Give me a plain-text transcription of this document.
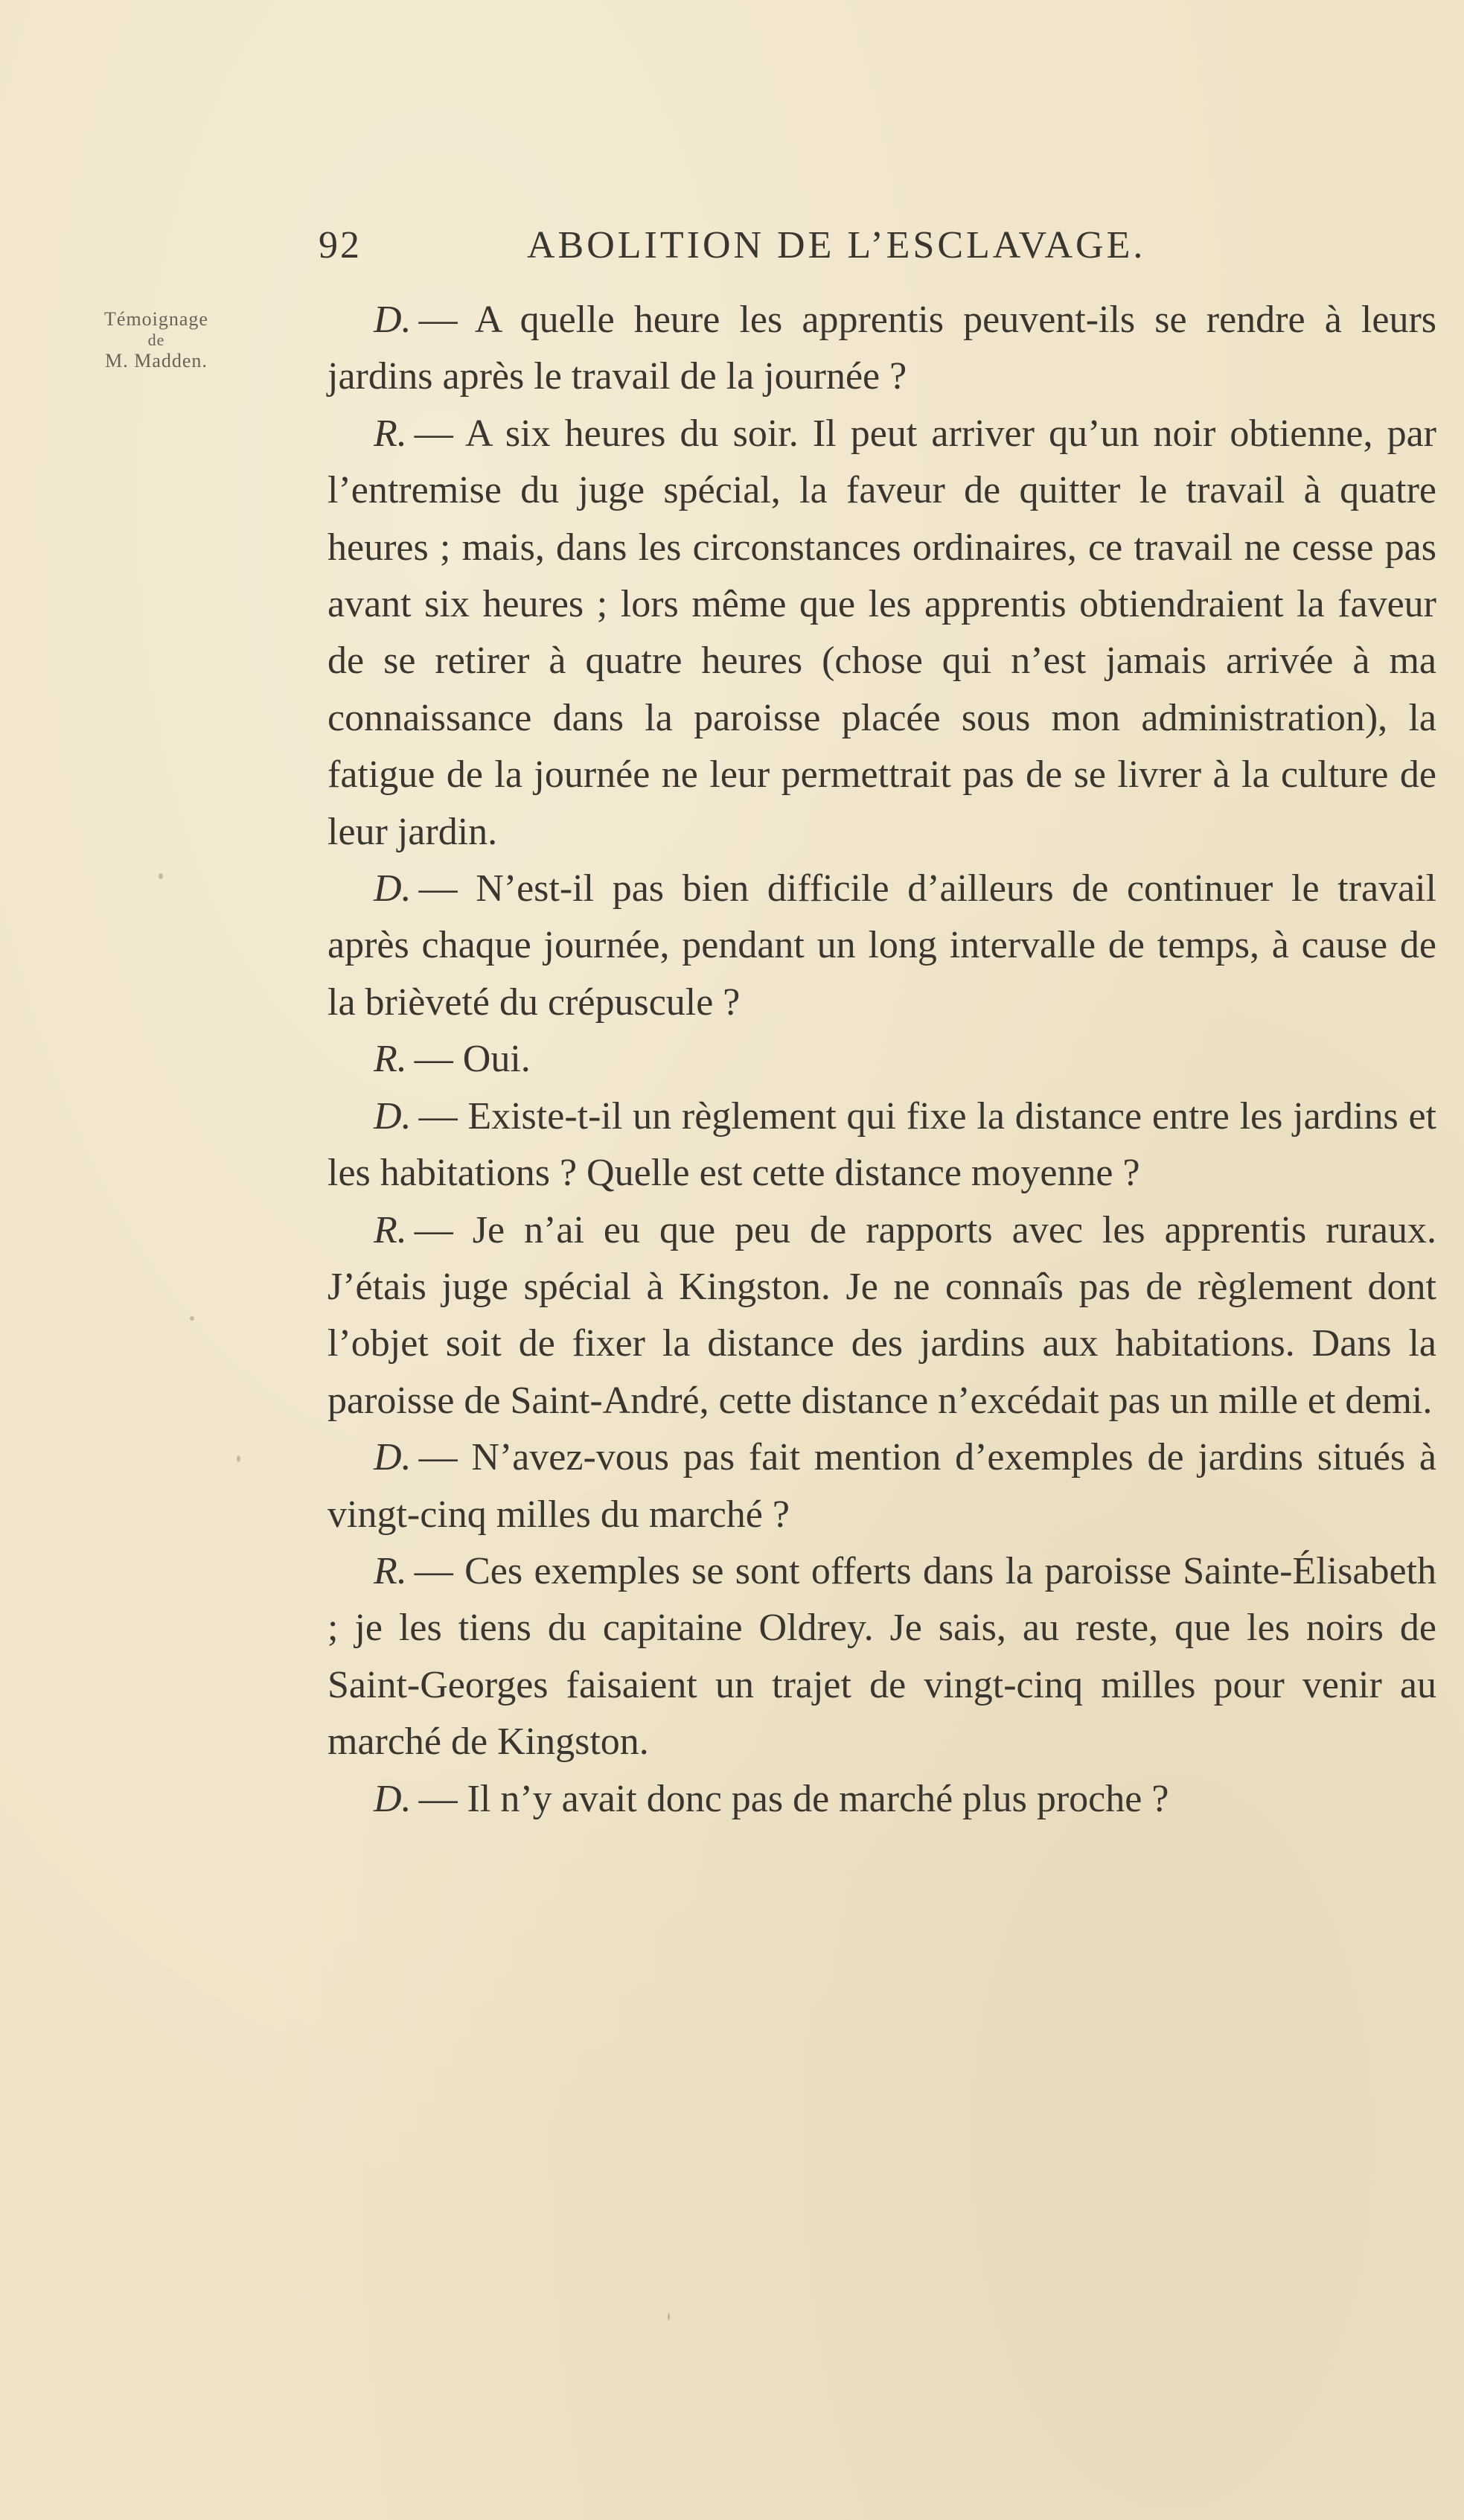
92	ABOLITION DE L’ESCLAVAGE.
Témoignage
de
M. Madden.

D. — A quelle heure les apprentis peuvent-ils se rendre à leurs jardins après le travail de la journée ?

R. — A six heures du soir. Il peut arriver qu’un noir obtienne, par l’entremise du juge spécial, la faveur de quitter le travail à quatre heures ; mais, dans les circonstances ordinaires, ce travail ne cesse pas avant six heures ; lors même que les apprentis obtiendraient la faveur de se retirer à quatre heures (chose qui n’est jamais arrivée à ma connaissance dans la paroisse placée sous mon administration), la fatigue de la journée ne leur permettrait pas de se livrer à la culture de leur jardin.

D. — N’est-il pas bien difficile d’ailleurs de continuer le travail après chaque journée, pendant un long intervalle de temps, à cause de la brièveté du crépuscule ?

R. — Oui.

D. — Existe-t-il un règlement qui fixe la distance entre les jardins et les habitations ? Quelle est cette distance moyenne ?

R. — Je n’ai eu que peu de rapports avec les apprentis ruraux. J’étais juge spécial à Kingston. Je ne connaîs pas de règlement dont l’objet soit de fixer la distance des jardins aux habitations. Dans la paroisse de Saint-André, cette distance n’excédait pas un mille et demi.

D. — N’avez-vous pas fait mention d’exemples de jardins situés à vingt-cinq milles du marché ?

R. — Ces exemples se sont offerts dans la paroisse Sainte-Élisabeth ; je les tiens du capitaine Oldrey. Je sais, au reste, que les noirs de Saint-Georges faisaient un trajet de vingt-cinq milles pour venir au marché de Kingston.

D. — Il n’y avait donc pas de marché plus proche ?
